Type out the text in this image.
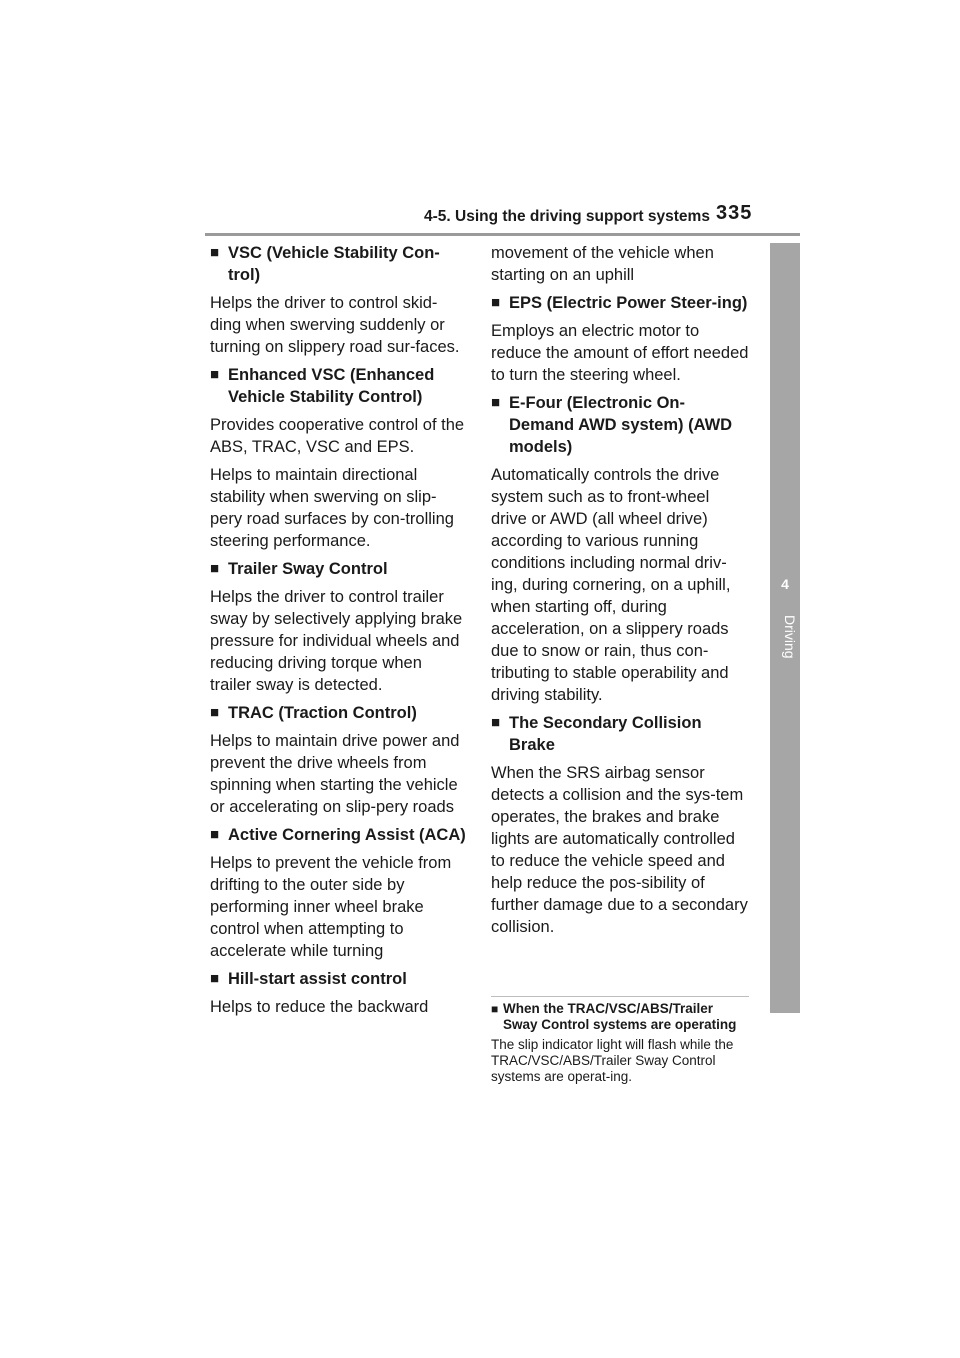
4-5. Using the driving support systems 335
4
Driving
■ VSC (Vehicle Stability Con-trol)

Helps the driver to control skid-ding when swerving suddenly or turning on slippery road sur-faces.

■ Enhanced VSC (Enhanced Vehicle Stability Control)

Provides cooperative control of the ABS, TRAC, VSC and EPS.

Helps to maintain directional stability when swerving on slip-pery road surfaces by con-trolling steering performance.

■ Trailer Sway Control

Helps the driver to control trailer sway by selectively applying brake pressure for individual wheels and reducing driving torque when trailer sway is detected.

■ TRAC (Traction Control)

Helps to maintain drive power and prevent the drive wheels from spinning when starting the vehicle or accelerating on slip-pery roads

■ Active Cornering Assist (ACA)

Helps to prevent the vehicle from drifting to the outer side by performing inner wheel brake control when attempting to accelerate while turning

■ Hill-start assist control

Helps to reduce the backward

movement of the vehicle when starting on an uphill

■ EPS (Electric Power Steer-ing)

Employs an electric motor to reduce the amount of effort needed to turn the steering wheel.

■ E-Four (Electronic On-Demand AWD system) (AWD models)

Automatically controls the drive system such as to front-wheel drive or AWD (all wheel drive) according to various running conditions including normal driv-ing, during cornering, on a uphill, when starting off, during acceleration, on a slippery roads due to snow or rain, thus con-tributing to stable operability and driving stability.

■ The Secondary Collision Brake

When the SRS airbag sensor detects a collision and the sys-tem operates, the brakes and brake lights are automatically controlled to reduce the vehicle speed and help reduce the pos-sibility of further damage due to a secondary collision.

■ When the TRAC/VSC/ABS/Trailer Sway Control systems are operating

The slip indicator light will flash while the TRAC/VSC/ABS/Trailer Sway Control systems are operat-ing.
